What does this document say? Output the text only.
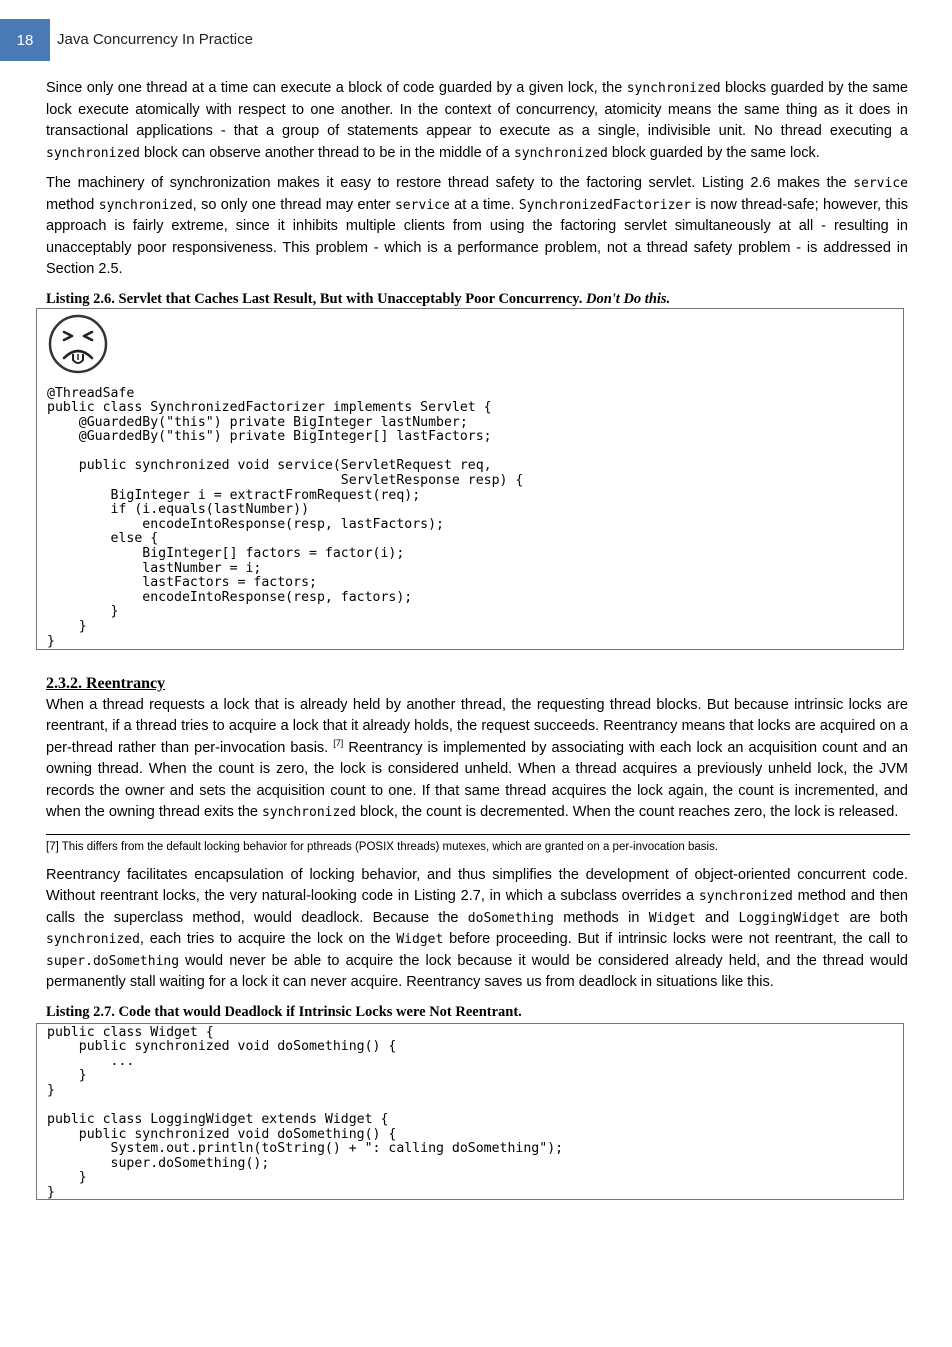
18	Java Concurrency In Practice

Since only one thread at a time can execute a block of code guarded by a given lock, the synchronized blocks guarded by the same lock execute atomically with respect to one another. In the context of concurrency, atomicity means the same thing as it does in transactional applications - that a group of statements appear to execute as a single, indivisible unit. No thread executing a synchronized block can observe another thread to be in the middle of a synchronized block guarded by the same lock.

The machinery of synchronization makes it easy to restore thread safety to the factoring servlet. Listing 2.6 makes the service method synchronized, so only one thread may enter service at a time. SynchronizedFactorizer is now thread-safe; however, this approach is fairly extreme, since it inhibits multiple clients from using the factoring servlet simultaneously at all - resulting in unacceptably poor responsiveness. This problem - which is a performance problem, not a thread safety problem - is addressed in Section 2.5.

Listing 2.6. Servlet that Caches Last Result, But with Unacceptably Poor Concurrency. Don't Do this.
@ThreadSafe
public class SynchronizedFactorizer implements Servlet {
@GuardedBy("this") private BigInteger lastNumber;
@GuardedBy("this") private BigInteger[] lastFactors;

public synchronized void service(ServletRequest req,
ServletResponse resp) {
BigInteger i = extractFromRequest(req);
if (i.equals(lastNumber))
encodeIntoResponse(resp, lastFactors);
else {
BigInteger[] factors = factor(i);
lastNumber = i;
lastFactors = factors;
encodeIntoResponse(resp, factors);
}
}
}
2.3.2. Reentrancy

When a thread requests a lock that is already held by another thread, the requesting thread blocks. But because intrinsic locks are reentrant, if a thread tries to acquire a lock that it already holds, the request succeeds. Reentrancy means that locks are acquired on a per-thread rather than per-invocation basis. [7] Reentrancy is implemented by associating with each lock an acquisition count and an owning thread. When the count is zero, the lock is considered unheld. When a thread acquires a previously unheld lock, the JVM records the owner and sets the acquisition count to one. If that same thread acquires the lock again, the count is incremented, and when the owning thread exits the synchronized block, the count is decremented. When the count reaches zero, the lock is released.

[7] This differs from the default locking behavior for pthreads (POSIX threads) mutexes, which are granted on a per-invocation basis.

Reentrancy facilitates encapsulation of locking behavior, and thus simplifies the development of object-oriented concurrent code. Without reentrant locks, the very natural-looking code in Listing 2.7, in which a subclass overrides a synchronized method and then calls the superclass method, would deadlock. Because the doSomething methods in Widget and LoggingWidget are both synchronized, each tries to acquire the lock on the Widget before proceeding. But if intrinsic locks were not reentrant, the call to super.doSomething would never be able to acquire the lock because it would be considered already held, and the thread would permanently stall waiting for a lock it can never acquire. Reentrancy saves us from deadlock in situations like this.

Listing 2.7. Code that would Deadlock if Intrinsic Locks were Not Reentrant.
public class Widget {
public synchronized void doSomething() {
...
}
}

public class LoggingWidget extends Widget {
public synchronized void doSomething() {
System.out.println(toString() + ": calling doSomething");
super.doSomething();
}
}
